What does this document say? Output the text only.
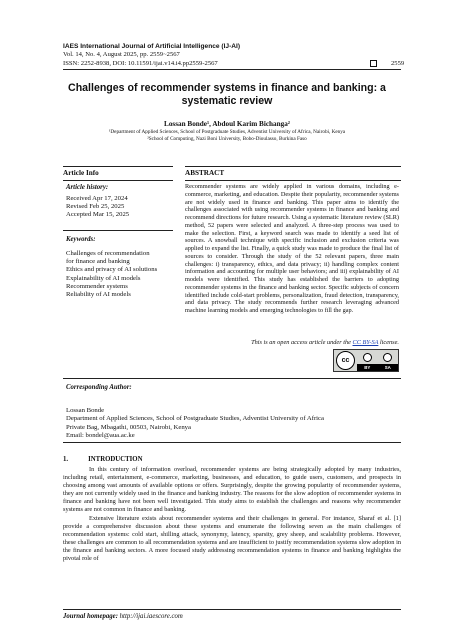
IAES International Journal of Artificial Intelligence (IJ-AI)
Vol. 14, No. 4, August 2025, pp. 2559~2567
ISSN: 2252-8938, DOI: 10.11591/ijai.v14.i4.pp2559-2567	2559
Challenges of recommender systems in finance and banking: a systematic review
Lossan Bonde¹, Abdoul Karim Bichanga²
¹Department of Applied Sciences, School of Postgraduate Studies, Adventist University of Africa, Nairobi, Kenya
²School of Computing, Nazi Boni University, Bobo-Dioulasso, Burkina Faso
Article Info	ABSTRACT
Article history:
Received Apr 17, 2024
Revised Feb 25, 2025
Accepted Mar 15, 2025
Keywords:
Challenges of recommendation
for finance and banking
Ethics and privacy of AI solutions
Explainability of AI models
Recommender systems
Reliability of AI models
Recommender systems are widely applied in various domains, including e-commerce, marketing, and education. Despite their popularity, recommender systems are not widely used in finance and banking. This paper aims to identify the challenges associated with using recommender systems in finance and banking and recommend directions for future research. Using a systematic literature review (SLR) method, 52 papers were selected and analyzed. A three-step process was used to make the selection. First, a keyword search was made to identify a seed list of sources. A snowball technique with specific inclusion and exclusion criteria was applied to expand the list. Finally, a quick study was made to produce the final list of sources to consider. Through the study of the 52 relevant papers, three main challenges: i) transparency, ethics, and data privacy; ii) handling complex content information and accounting for multiple user behaviors; and iii) explainability of AI models were identified. This study has established the barriers to adopting recommender systems in the finance and banking sector. Specific subjects of concern identified include cold-start problems, personalization, fraud detection, transparency, and data privacy. The study recommends further research leveraging advanced machine learning models and emerging technologies to fill the gap.
This is an open access article under the CC BY-SA license.
cc
BY	SA
Corresponding Author:
Lossan Bonde
Department of Applied Sciences, School of Postgraduate Studies, Adventist University of Africa
Private Bag, Mbagathi, 00503, Nairobi, Kenya
Email: bondel@aua.ac.ke
1.	INTRODUCTION

In this century of information overload, recommender systems are being strategically adopted by many industries, including retail, entertainment, e-commerce, marketing, businesses, and education, to guide users, customers, and prospects in choosing among vast amounts of available options or offers. Surprisingly, despite the growing popularity of recommender systems, they are not currently widely used in the finance and banking industry. The reasons for the slow adoption of recommender systems in finance and banking have not been well investigated. This study aims to establish the challenges and reasons why recommender systems are not common in finance and banking.

Extensive literature exists about recommender systems and their challenges in general. For instance, Sharaf et al. [1] provide a comprehensive discussion about these systems and enumerate the following seven as the main challenges of recommendation systems: cold start, shilling attack, synonymy, latency, sparsity, grey sheep, and scalability problems. However, these challenges are common to all recommendation systems and are insufficient to justify recommendation systems slow adoption in the finance and banking sectors. A more focused study addressing recommendation systems in finance and banking highlights the pivotal role of

Journal homepage: http://ijai.iaescore.com
